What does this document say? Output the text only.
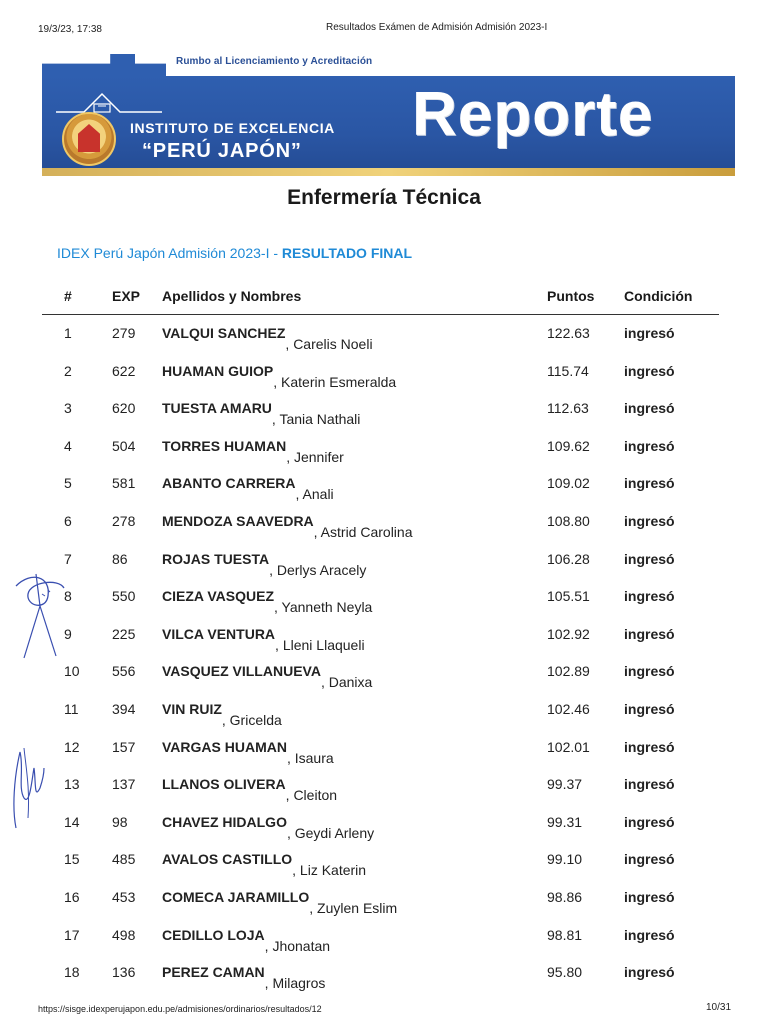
19/3/23, 17:38	Resultados Exámen de Admisión Admisión 2023-I
Rumbo al Licenciamiento y Acreditación
INSTITUTO DE EXCELENCIA
“PERÚ JAPÓN”
Reporte
Enfermería Técnica
IDEX Perú Japón Admisión 2023-I - RESULTADO FINAL
#	EXP Apellidos y Nombres	Puntos Condición
1	279 VALQUI SANCHEZ
, Carelis Noeli
122.63 ingresó
2	622 HUAMAN GUIOP
, Katerin Esmeralda
115.74	ingresó
3	620 TUESTA AMARU
, Tania Nathali
112.63	ingresó
4	504 TORRES HUAMAN
, Jennifer
109.62 ingresó
5	581 ABANTO CARRERA
, Anali
109.02 ingresó
6	278 MENDOZA SAAVEDRA
, Astrid Carolina
108.80 ingresó
7	86 ROJAS TUESTA
, Derlys Aracely
106.28 ingresó
8	550 CIEZA VASQUEZ
, Yanneth Neyla
105.51 ingresó
9	225 VILCA VENTURA
, Lleni Llaqueli
102.92 ingresó
10 556 VASQUEZ VILLANUEVA
, Danixa
102.89 ingresó
11 394 VIN RUIZ
, Gricelda
102.46 ingresó
12 157 VARGAS HUAMAN
, Isaura
102.01 ingresó
13 137 LLANOS OLIVERA
, Cleiton
99.37	ingresó
14 98 CHAVEZ HIDALGO
, Geydi Arleny
99.31	ingresó
15 485 AVALOS CASTILLO
, Liz Katerin
99.10	ingresó
16 453 COMECA JARAMILLO
, Zuylen Eslim
98.86	ingresó
17 498 CEDILLO LOJA
, Jhonatan
98.81	ingresó
18 136 PEREZ CAMAN
, Milagros
95.80	ingresó
https://sisge.idexperujapon.edu.pe/admisiones/ordinarios/resultados/12	10/31
